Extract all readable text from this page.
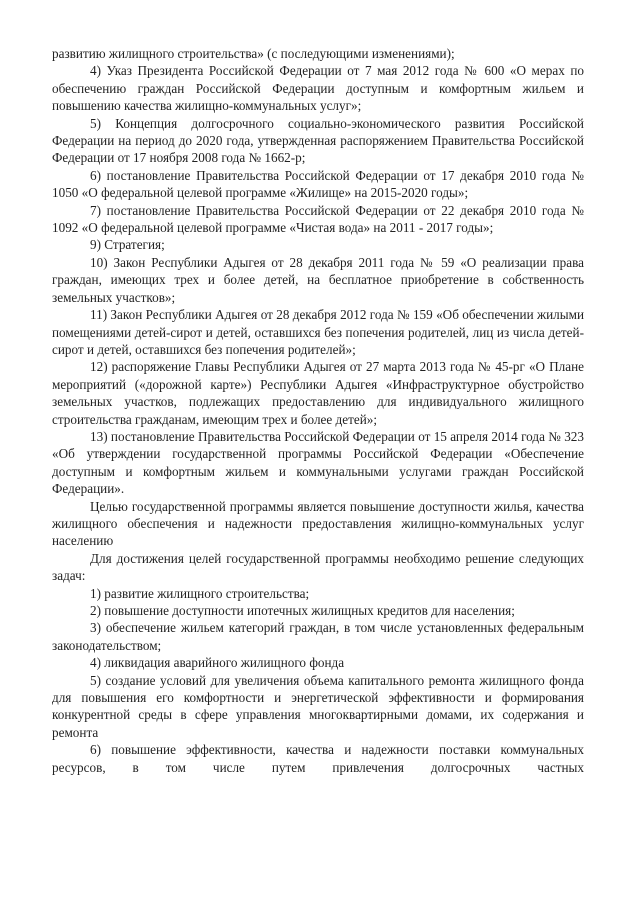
развитию жилищного строительства» (с последующими изменениями);

4) Указ Президента Российской Федерации от 7 мая 2012 года № 600 «О мерах по обеспечению граждан Российской Федерации доступным и комфортным жильем и повышению качества жилищно-коммунальных услуг»;

5) Концепция долгосрочного социально-экономического развития Российской Федерации на период до 2020 года, утвержденная распоряжением Правительства Российской Федерации от 17 ноября 2008 года № 1662-р;

6) постановление Правительства Российской Федерации от 17 декабря 2010 года № 1050 «О федеральной целевой программе «Жилище» на 2015-2020 годы»;

7) постановление Правительства Российской Федерации от 22 декабря 2010 года № 1092 «О федеральной целевой программе «Чистая вода» на 2011 - 2017 годы»;

9) Стратегия;

10) Закон Республики Адыгея от 28 декабря 2011 года № 59 «О реализации права граждан, имеющих трех и более детей, на бесплатное приобретение в собственность земельных участков»;

11) Закон Республики Адыгея от 28 декабря 2012 года № 159 «Об обеспечении жилыми помещениями детей-сирот и детей, оставшихся без попечения родителей, лиц из числа детей-сирот и детей, оставшихся без попечения родителей»;

12) распоряжение Главы Республики Адыгея от 27 марта 2013 года № 45-рг «О Плане мероприятий («дорожной карте») Республики Адыгея «Инфраструктурное обустройство земельных участков, подлежащих предоставлению для индивидуального жилищного строительства гражданам, имеющим трех и более детей»;

13) постановление Правительства Российской Федерации от 15 апреля 2014 года № 323 «Об утверждении государственной программы Российской Федерации «Обеспечение доступным и комфортным жильем и коммунальными услугами граждан Российской Федерации».

Целью государственной программы является повышение доступности жилья, качества жилищного обеспечения и надежности предоставления жилищно-коммунальных услуг населению

Для достижения целей государственной программы необходимо решение следующих задач:

1) развитие жилищного строительства;

2) повышение доступности ипотечных жилищных кредитов для населения;

3) обеспечение жильем категорий граждан, в том числе установленных федеральным законодательством;

4) ликвидация аварийного жилищного фонда

5) создание условий для увеличения объема капитального ремонта жилищного фонда для повышения его комфортности и энергетической эффективности и формирования конкурентной среды в сфере управления многоквартирными домами, их содержания и ремонта

6) повышение эффективности, качества и надежности поставки коммунальных ресурсов, в том числе путем привлечения долгосрочных частных
